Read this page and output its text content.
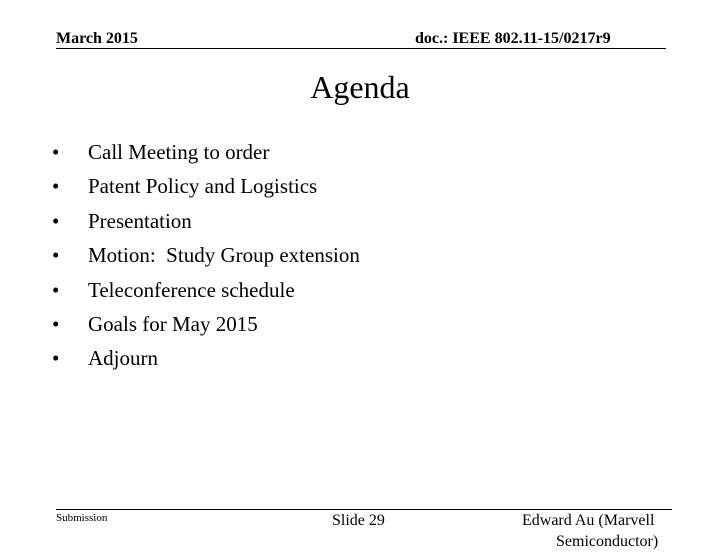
March 2015	doc.: IEEE 802.11-15/0217r9
Agenda
•	Call Meeting to order
•	Patent Policy and Logistics
•	Presentation
•	Motion:  Study Group extension
•	Teleconference schedule
•	Goals for May 2015
•	Adjourn
Submission	Slide 29	Edward Au (Marvell
Semiconductor)
